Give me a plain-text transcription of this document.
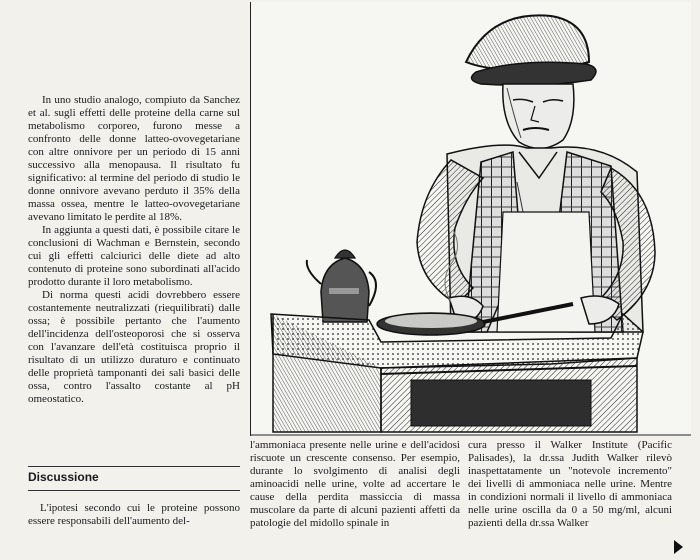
In uno studio analogo, compiuto da Sanchez et al. sugli effetti delle proteine della carne sul metabolismo corporeo, furono messe a confronto delle donne latteo-ovovegetariane con altre onnivore per un periodo di 15 anni successivo alla menopausa. Il risultato fu significativo: al termine del periodo di studio le donne onnivore avevano perduto il 35% della massa ossea, mentre le latteo-ovovegetariane avevano limitato le perdite al 18%.

In aggiunta a questi dati, è possibile citare le conclusioni di Wachman e Bernstein, secondo cui gli effetti calciurici delle diete ad alto contenuto di proteine sono subordinati all'acido prodotto durante il loro metabolismo.

Di norma questi acidi dovrebbero essere costantemente neutralizzati (riequilibrati) dalle ossa; è possibile pertanto che l'aumento dell'incidenza dell'osteoporosi che si osserva con l'avanzare dell'età costituisca proprio il risultato di un utilizzo duraturo e continuato delle proprietà tamponanti dei sali basici delle ossa, contro l'assalto costante al pH omeostatico.

Discussione

L'ipotesi secondo cui le proteine possono essere responsabili dell'aumento del-

l'ammoniaca presente nelle urine e dell'acidosi riscuote un crescente consenso. Per esempio, durante lo svolgimento di analisi degli aminoacidi nelle urine, volte ad accertare le cause della perdita massiccia di massa muscolare da parte di alcuni pazienti affetti da patologie del midollo spinale in

cura presso il Walker Institute (Pacific Palisades), la dr.ssa Judith Walker rilevò inaspettatamente un "notevole incremento" dei livelli di ammoniaca nelle urine. Mentre in condizioni normali il livello di ammoniaca nelle urine oscilla da 0 a 50 mg/ml, alcuni pazienti della dr.ssa Walker
